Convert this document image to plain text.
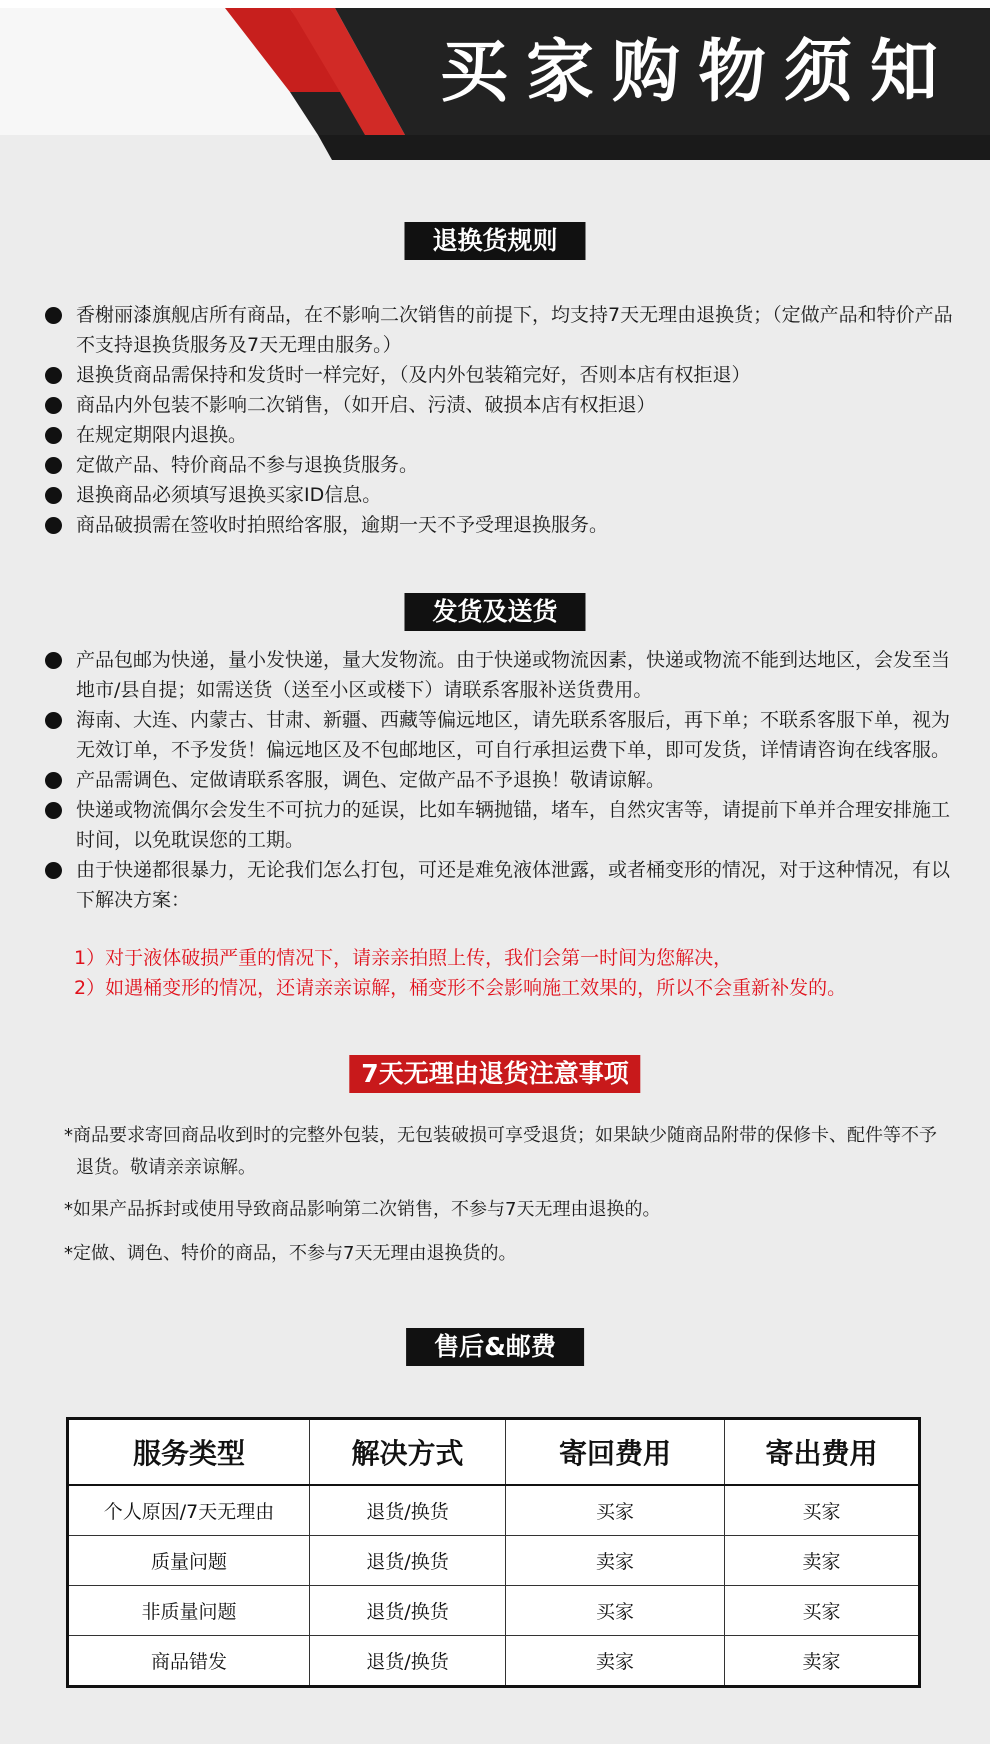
买家购物须知
退换货规则
香榭丽漆旗舰店所有商品，在不影响二次销售的前提下，均支持7天无理由退换货；（定做产品和特价产品不支持退换货服务及7天无理由服务。）
退换货商品需保持和发货时一样完好，（及内外包装箱完好，否则本店有权拒退）
商品内外包装不影响二次销售，（如开启、污渍、破损本店有权拒退）
在规定期限内退换。
定做产品、特价商品不参与退换货服务。
退换商品必须填写退换买家ID信息。
商品破损需在签收时拍照给客服，逾期一天不予受理退换服务。
发货及送货
产品包邮为快递，量小发快递，量大发物流。由于快递或物流因素，快递或物流不能到达地区，会发至当地市/县自提；如需送货（送至小区或楼下）请联系客服补送货费用。
海南、大连、内蒙古、甘肃、新疆、西藏等偏远地区，请先联系客服后，再下单；不联系客服下单，视为无效订单，不予发货！偏远地区及不包邮地区，可自行承担运费下单，即可发货，详情请咨询在线客服。
产品需调色、定做请联系客服，调色、定做产品不予退换！敬请谅解。
快递或物流偶尔会发生不可抗力的延误，比如车辆抛锚，堵车，自然灾害等，请提前下单并合理安排施工时间，以免耽误您的工期。
由于快递都很暴力，无论我们怎么打包，可还是难免液体泄露，或者桶变形的情况，对于这种情况，有以下解决方案：
1）对于液体破损严重的情况下，请亲亲拍照上传，我们会第一时间为您解决，
2）如遇桶变形的情况，还请亲亲谅解，桶变形不会影响施工效果的，所以不会重新补发的。
7天无理由退货注意事项

*商品要求寄回商品收到时的完整外包装，无包装破损可享受退货；如果缺少随商品附带的保修卡、配件等不予退货。敬请亲亲谅解。

*如果产品拆封或使用导致商品影响第二次销售，不参与7天无理由退换的。

*定做、调色、特价的商品，不参与7天无理由退换货的。

售后&邮费
服务类型	解决方式	寄回费用	寄出费用
个人原因/7天无理由	退货/换货	买家	买家
质量问题	退货/换货	卖家	卖家
非质量问题	退货/换货	买家	买家
商品错发	退货/换货	卖家	卖家
